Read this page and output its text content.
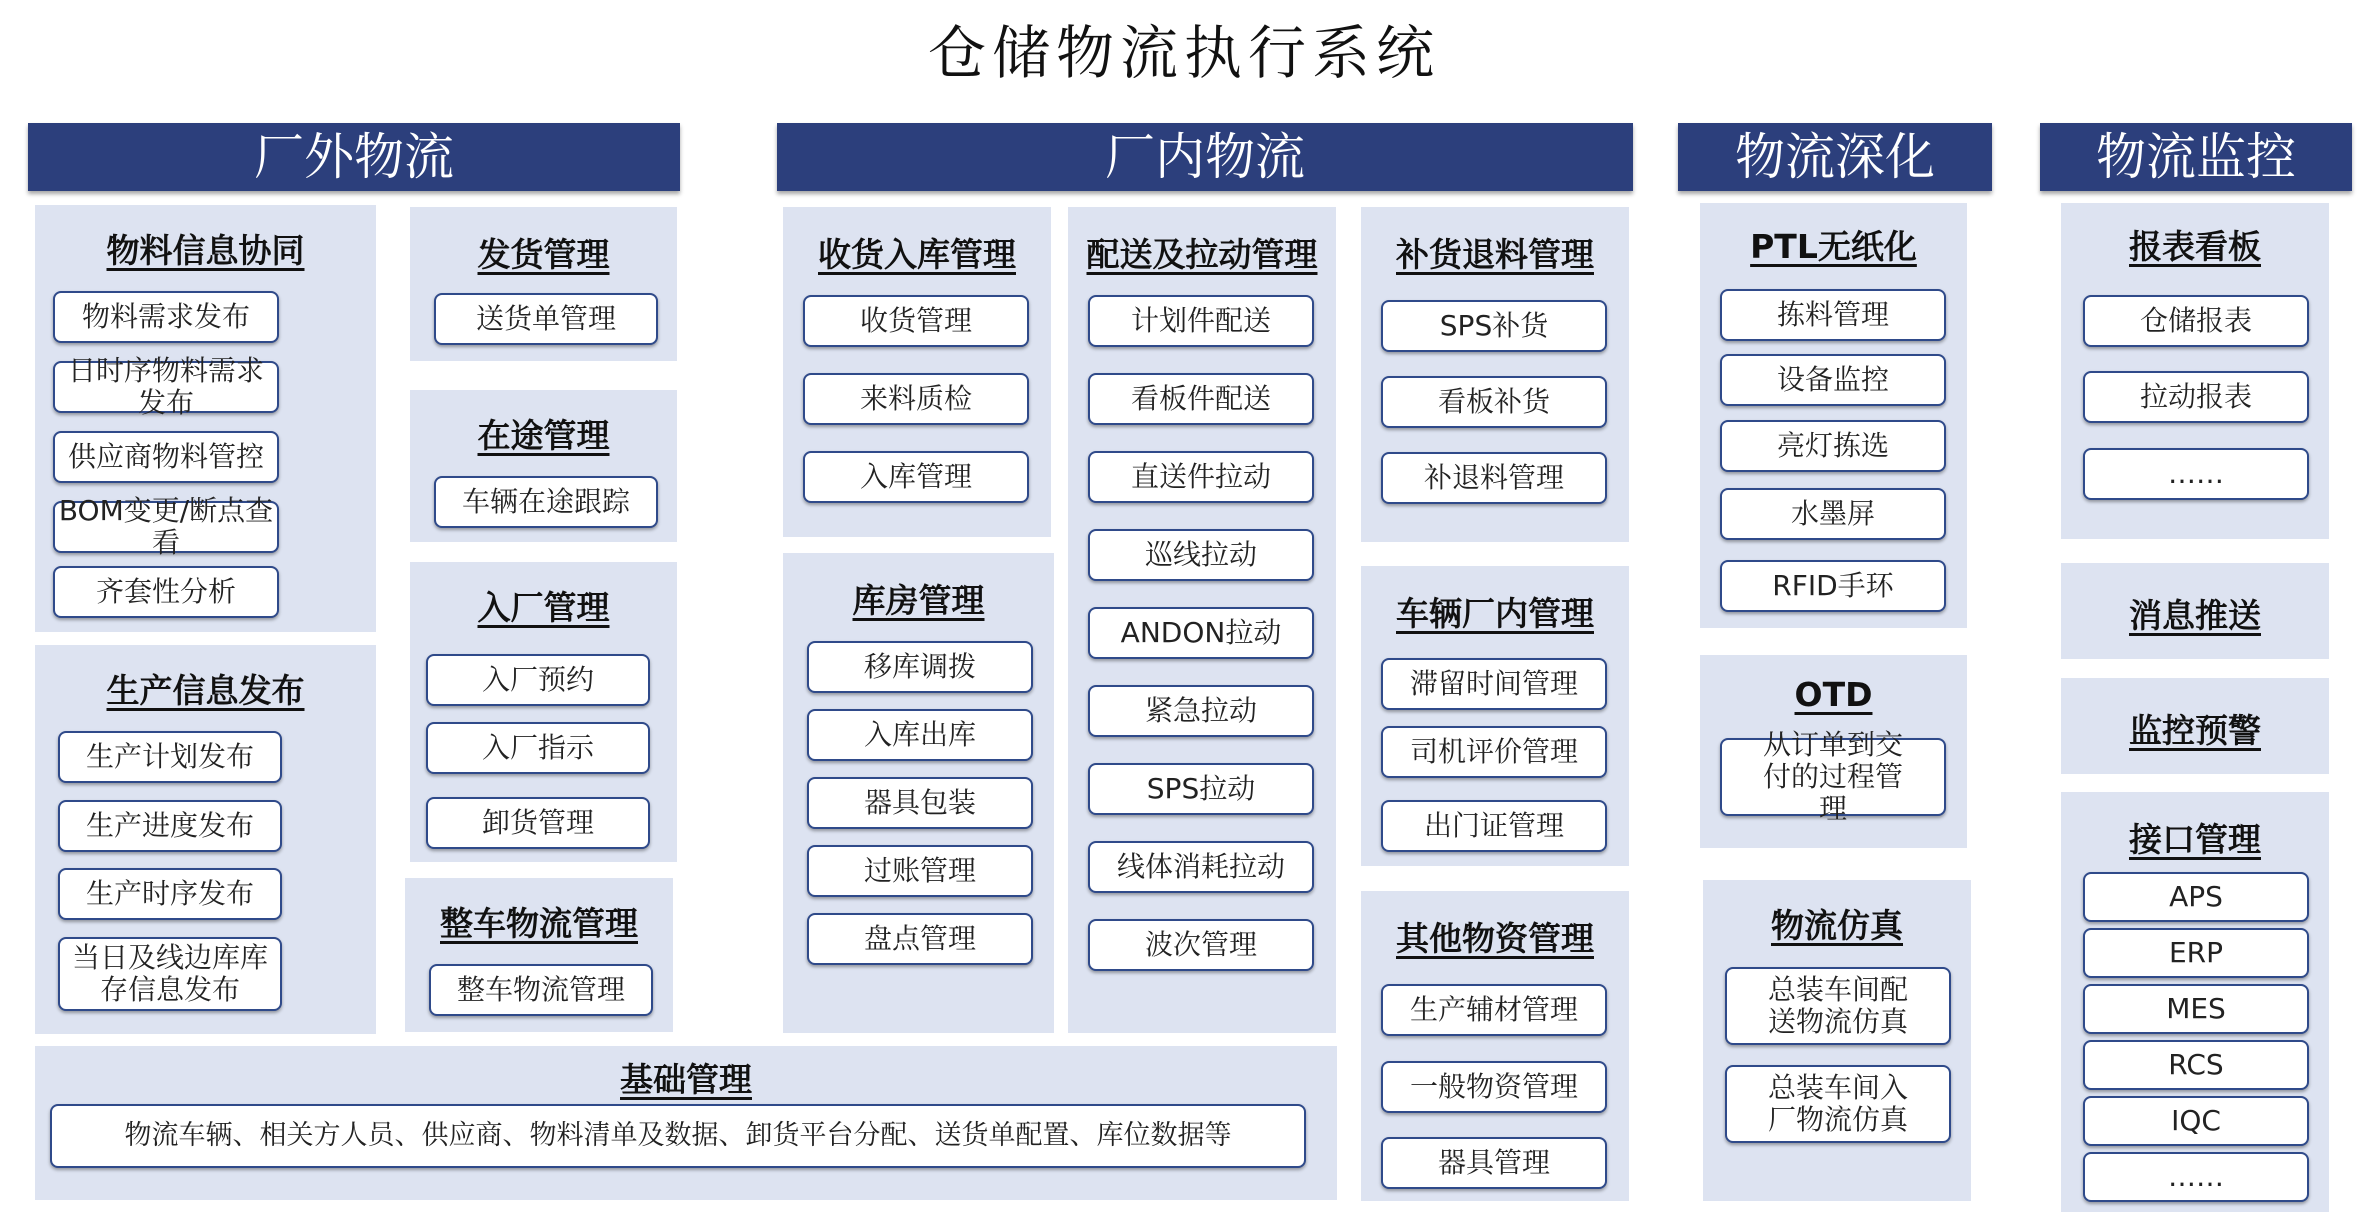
仓储物流执行系统
厂外物流	厂内物流	物流深化	物流监控
物料信息协同
物料需求发布
日时序物料需求发布
供应商物料管控
BOM变更/断点查看
齐套性分析
生产信息发布
生产计划发布
生产进度发布
生产时序发布
当日及线边库库存信息发布
发货管理
送货单管理
在途管理
车辆在途跟踪
入厂管理
入厂预约
入厂指示
卸货管理
整车物流管理
整车物流管理
基础管理
物流车辆、相关方人员、供应商、物料清单及数据、卸货平台分配、送货单配置、库位数据等
收货入库管理
收货管理
来料质检
入库管理
库房管理
移库调拨
入库出库
器具包装
过账管理
盘点管理
配送及拉动管理
计划件配送
看板件配送
直送件拉动
巡线拉动
ANDON拉动
紧急拉动
SPS拉动
线体消耗拉动
波次管理
补货退料管理
SPS补货
看板补货
补退料管理
车辆厂内管理
滞留时间管理
司机评价管理
出门证管理
其他物资管理
生产辅材管理
一般物资管理
器具管理
PTL无纸化
拣料管理
设备监控
亮灯拣选
水墨屏
RFID手环
OTD
从订单到交付的过程管理
物流仿真
总装车间配送物流仿真
总装车间入厂物流仿真
报表看板
仓储报表
拉动报表
……
消息推送
监控预警
接口管理
APS
ERP
MES
RCS
IQC
……
